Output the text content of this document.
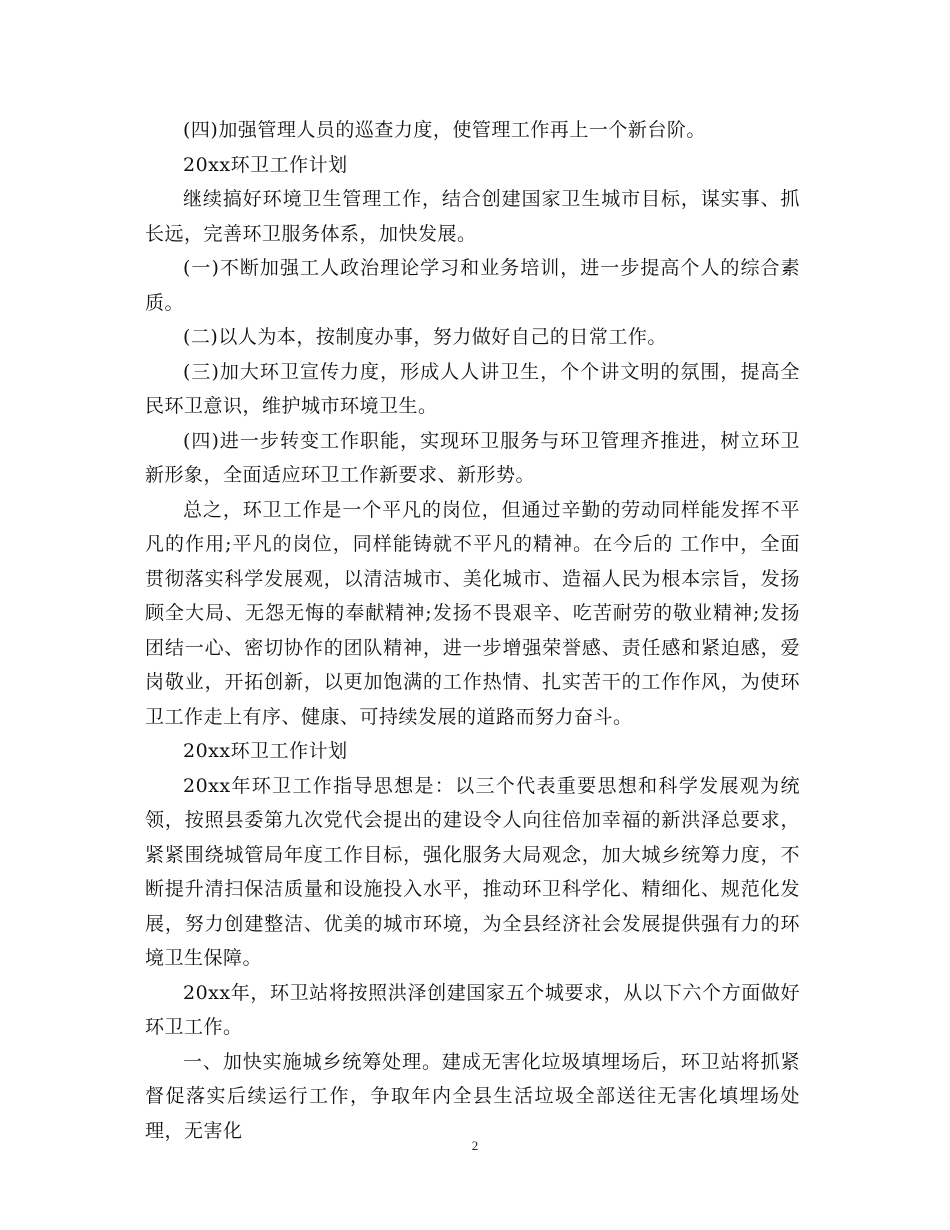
(四)加强管理人员的巡查力度，使管理工作再上一个新台阶。

20xx环卫工作计划

继续搞好环境卫生管理工作，结合创建国家卫生城市目标，谋实事、抓长远，完善环卫服务体系，加快发展。

(一)不断加强工人政治理论学习和业务培训，进一步提高个人的综合素质。

(二)以人为本，按制度办事，努力做好自己的日常工作。

(三)加大环卫宣传力度，形成人人讲卫生，个个讲文明的氛围，提高全民环卫意识，维护城市环境卫生。

(四)进一步转变工作职能，实现环卫服务与环卫管理齐推进，树立环卫新形象，全面适应环卫工作新要求、新形势。

总之，环卫工作是一个平凡的岗位，但通过辛勤的劳动同样能发挥不平凡的作用;平凡的岗位，同样能铸就不平凡的精神。在今后的 工作中，全面贯彻落实科学发展观，以清洁城市、美化城市、造福人民为根本宗旨，发扬顾全大局、无怨无悔的奉献精神;发扬不畏艰辛、吃苦耐劳的敬业精神;发扬团结一心、密切协作的团队精神，进一步增强荣誉感、责任感和紧迫感，爱岗敬业，开拓创新，以更加饱满的工作热情、扎实苦干的工作作风，为使环卫工作走上有序、健康、可持续发展的道路而努力奋斗。

20xx环卫工作计划

20xx年环卫工作指导思想是：以三个代表重要思想和科学发展观为统领，按照县委第九次党代会提出的建设令人向往倍加幸福的新洪泽总要求，紧紧围绕城管局年度工作目标，强化服务大局观念，加大城乡统筹力度，不断提升清扫保洁质量和设施投入水平，推动环卫科学化、精细化、规范化发展，努力创建整洁、优美的城市环境，为全县经济社会发展提供强有力的环境卫生保障。

20xx年，环卫站将按照洪泽创建国家五个城要求，从以下六个方面做好环卫工作。

一、加快实施城乡统筹处理。建成无害化垃圾填埋场后，环卫站将抓紧督促落实后续运行工作，争取年内全县生活垃圾全部送往无害化填埋场处理，无害化

2
